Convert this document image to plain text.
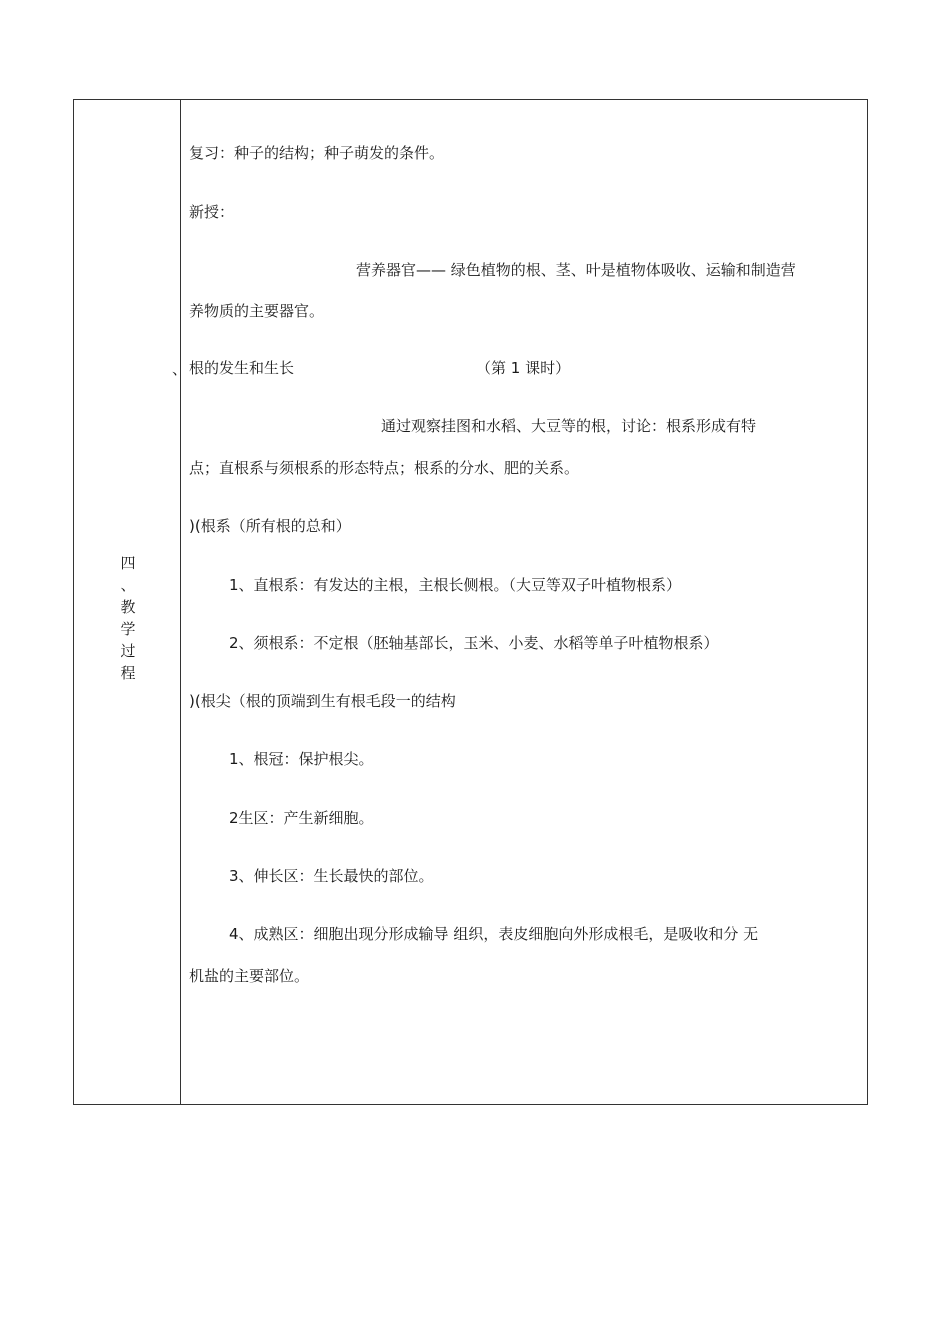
四
、
教
学
过
程
复习：种子的结构；种子萌发的条件。
新授：
营养器官—— 绿色植物的根、茎、叶是植物体吸收、运输和制造营
养物质的主要器官。
、 根的发生和生长	（第 1 课时）
通过观察挂图和水稻、大豆等的根，讨论：根系形成有特
点；直根系与须根系的形态特点；根系的分水、肥的关系。
)(根系（所有根的总和）
1、直根系：有发达的主根，主根长侧根。（大豆等双子叶植物根系）
2、须根系：不定根（胚轴基部长，玉米、小麦、水稻等单子叶植物根系）
)(根尖（根的顶端到生有根毛段一的结构
1、根冠：保护根尖。
2生区：产生新细胞。
3、伸长区：生长最快的部位。
4、成熟区：细胞出现分形成输导 组织，表皮细胞向外形成根毛，是吸收和分 无
机盐的主要部位。
